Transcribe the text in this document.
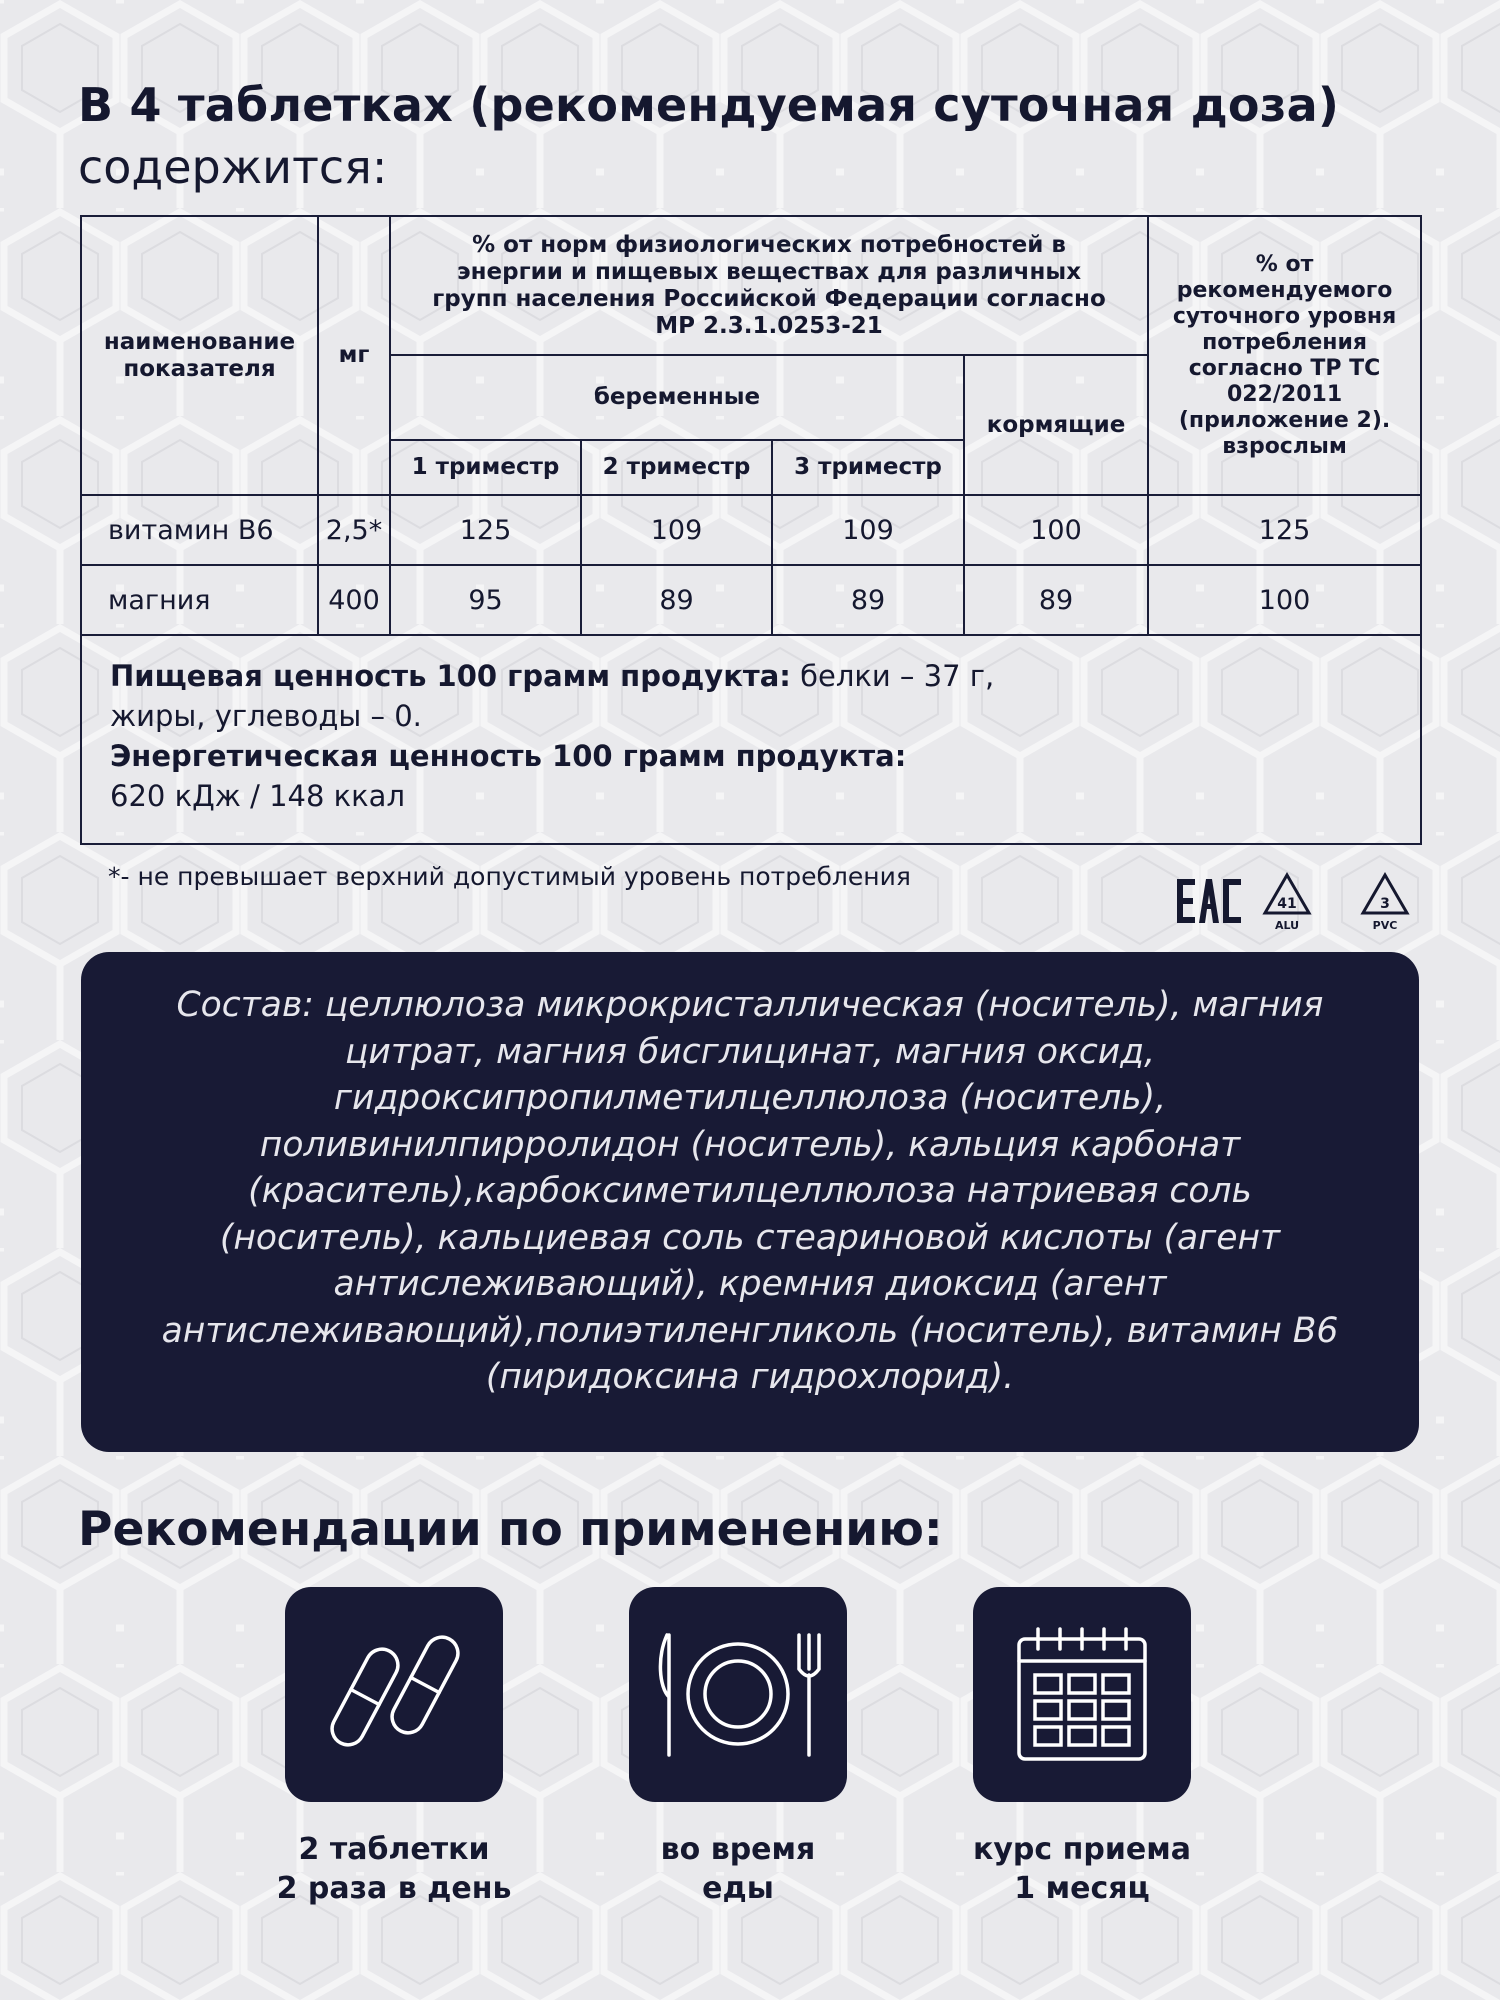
В 4 таблетках (рекомендуемая суточная доза)
содержится:
наименование показателя	мг	% от норм физиологических потребностей в энергии и пищевых веществах для различных групп населения Российской Федерации согласно МР 2.3.1.0253-21				% от рекомендуемого суточного уровня потребления согласно ТР ТС 022/2011 (приложение 2). взрослым
		беременные			кормящие	
		1 триместр	2 триместр	3 триместр		
витамин В6	2,5*	125	109	109	100	125
магния	400	95	89	89	89	100
Пищевая ценность 100 грамм продукта: белки – 37 г,
жиры, углеводы – 0.
Энергетическая ценность 100 грамм продукта:
620 кДж / 148 ккал						
*- не превышает верхний допустимый уровень потребления	ЕАС
41
ALU
3
PVC
Состав: целлюлоза микрокристаллическая (носитель), магния цитрат, магния бисглицинат, магния оксид, гидроксипропилметилцеллюлоза (носитель), поливинилпирролидон (носитель), кальция карбонат (краситель),карбоксиметилцеллюлоза натриевая соль (носитель), кальциевая соль стеариновой кислоты (агент антислеживающий), кремния диоксид (агент антислеживающий),полиэтиленгликоль (носитель), витамин В6 (пиридоксина гидрохлорид).
Рекомендации по применению:
2 таблетки
2 раза в день
во время
еды
курс приема
1 месяц
